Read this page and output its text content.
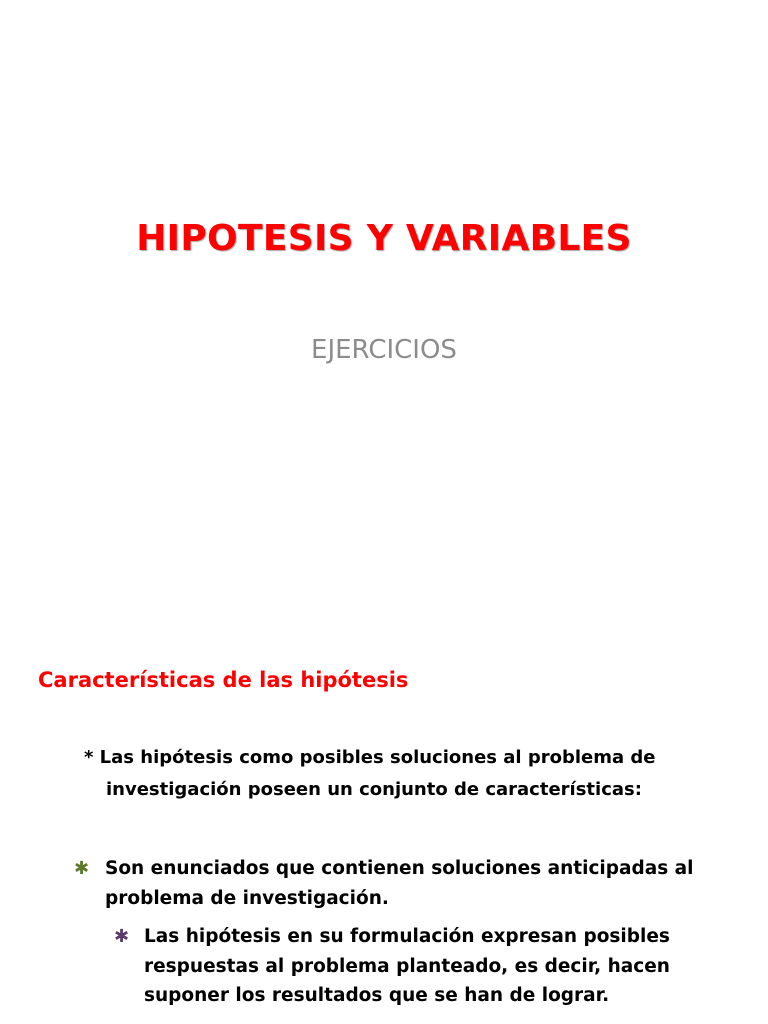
HIPOTESIS Y VARIABLES

EJERCICIOS

Características de las hipótesis

* Las hipótesis como posibles soluciones al problema de
investigación poseen un conjunto de características:

✱ Son enunciados que contienen soluciones anticipadas al problema de investigación.
✱ Las hipótesis en su formulación expresan posibles respuestas al problema planteado, es decir, hacen suponer los resultados que se han de lograr.
